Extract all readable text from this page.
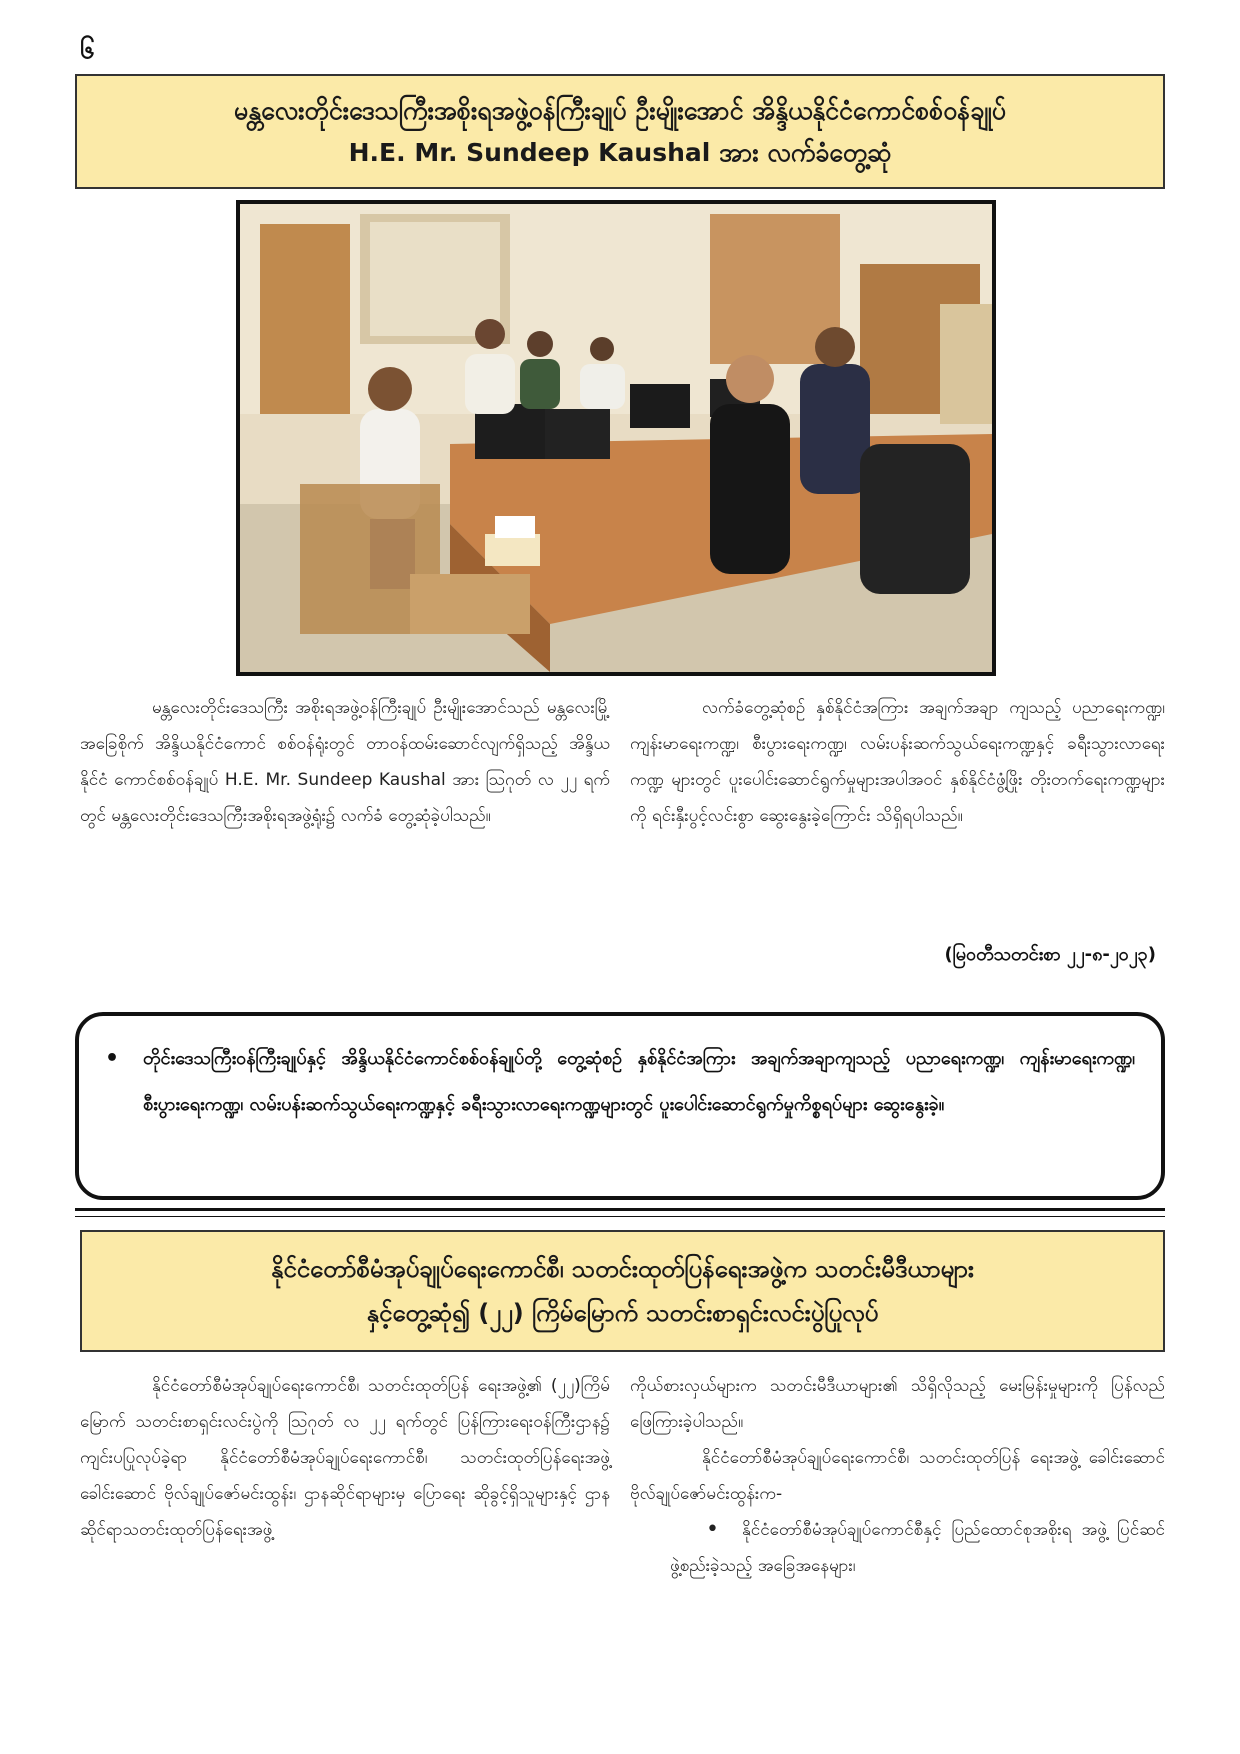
၆
မန္တလေးတိုင်းဒေသကြီးအစိုးရအဖွဲ့ဝန်ကြီးချုပ် ဦးမျိုးအောင် အိန္ဒိယနိုင်ငံကောင်စစ်ဝန်ချုပ်
H.E. Mr. Sundeep Kaushal အား လက်ခံတွေ့ဆုံ

မန္တလေးတိုင်းဒေသကြီး အစိုးရအဖွဲ့ဝန်ကြီးချုပ် ဦးမျိုးအောင်သည် မန္တလေးမြို့အခြေစိုက် အိန္ဒိယနိုင်ငံကောင် စစ်ဝန်ရုံးတွင် တာဝန်ထမ်းဆောင်လျက်ရှိသည့် အိန္ဒိယနိုင်ငံ ကောင်စစ်ဝန်ချုပ် H.E. Mr. Sundeep Kaushal အား ဩဂုတ် လ ၂၂ ရက်တွင် မန္တလေးတိုင်းဒေသကြီးအစိုးရအဖွဲ့ရုံး၌ လက်ခံ တွေ့ဆုံခဲ့ပါသည်။

လက်ခံတွေ့ဆုံစဉ် နှစ်နိုင်ငံအကြား အချက်အချာ ကျသည့် ပညာရေးကဏ္ဍ၊ ကျန်းမာရေးကဏ္ဍ၊ စီးပွားရေးကဏ္ဍ၊ လမ်းပန်းဆက်သွယ်ရေးကဏ္ဍနှင့် ခရီးသွားလာရေးကဏ္ဍ များတွင် ပူးပေါင်းဆောင်ရွက်မှုများအပါအဝင် နှစ်နိုင်ငံဖွံ့ဖြိုး တိုးတက်ရေးကဏ္ဍများကို ရင်းနှီးပွင့်လင်းစွာ ဆွေးနွေးခဲ့ကြောင်း သိရှိရပါသည်။

(မြဝတီသတင်းစာ ၂၂-၈-၂၀၂၃)
• တိုင်းဒေသကြီးဝန်ကြီးချုပ်နှင့် အိန္ဒိယနိုင်ငံကောင်စစ်ဝန်ချုပ်တို့ တွေ့ဆုံစဉ် နှစ်နိုင်ငံအကြား အချက်အချာကျသည့် ပညာရေးကဏ္ဍ၊ ကျန်းမာရေးကဏ္ဍ၊ စီးပွားရေးကဏ္ဍ၊ လမ်းပန်းဆက်သွယ်ရေးကဏ္ဍနှင့် ခရီးသွားလာရေးကဏ္ဍများတွင် ပူးပေါင်းဆောင်ရွက်မှုကိစ္စရပ်များ ဆွေးနွေးခဲ့။
နိုင်ငံတော်စီမံအုပ်ချုပ်ရေးကောင်စီ၊ သတင်းထုတ်ပြန်ရေးအဖွဲ့က သတင်းမီဒီယာများ
နှင့်တွေ့ဆုံ၍ (၂၂) ကြိမ်မြောက် သတင်းစာရှင်းလင်းပွဲပြုလုပ်

နိုင်ငံတော်စီမံအုပ်ချုပ်ရေးကောင်စီ၊ သတင်းထုတ်ပြန် ရေးအဖွဲ့၏ (၂၂)ကြိမ် မြောက် သတင်းစာရှင်းလင်းပွဲကို ဩဂုတ် လ ၂၂ ရက်တွင် ပြန်ကြားရေးဝန်ကြီးဌာန၌ ကျင်းပပြုလုပ်ခဲ့ရာ နိုင်ငံတော်စီမံအုပ်ချုပ်ရေးကောင်စီ၊ သတင်းထုတ်ပြန်ရေးအဖွဲ့ ခေါင်းဆောင် ဗိုလ်ချုပ်ဇော်မင်းထွန်း၊ ဌာနဆိုင်ရာများမှ ပြောရေး ဆိုခွင့်ရှိသူများနှင့် ဌာနဆိုင်ရာသတင်းထုတ်ပြန်ရေးအဖွဲ့

ကိုယ်စားလှယ်များက သတင်းမီဒီယာများ၏ သိရှိလိုသည့် မေးမြန်းမှုများကို ပြန်လည်ဖြေကြားခဲ့ပါသည်။

နိုင်ငံတော်စီမံအုပ်ချုပ်ရေးကောင်စီ၊ သတင်းထုတ်ပြန် ရေးအဖွဲ့ ခေါင်းဆောင် ဗိုလ်ချုပ်ဇော်မင်းထွန်းက-

• နိုင်ငံတော်စီမံအုပ်ချုပ်ကောင်စီနှင့် ပြည်ထောင်စုအစိုးရ အဖွဲ့ ပြင်ဆင်ဖွဲ့စည်းခဲ့သည့် အခြေအနေများ၊
